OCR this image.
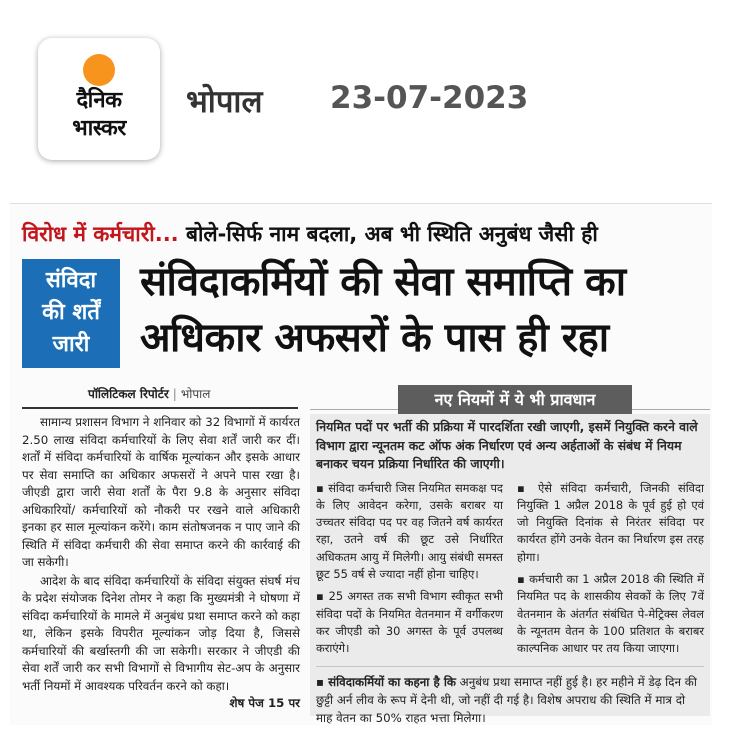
दैनिक
भास्कर
भोपाल 23-07-2023
विरोध में कर्मचारी... बोले-सिर्फ नाम बदला, अब भी स्थिति अनुबंध जैसी ही
संविदा
की शर्तें
जारी
संविदाकर्मियों की सेवा समाप्ति का अधिकार अफसरों के पास ही रहा
पॉलिटिकल रिपोर्टर | भोपाल

सामान्य प्रशासन विभाग ने शनिवार को 32 विभागों में कार्यरत 2.50 लाख संविदा कर्मचारियों के लिए सेवा शर्तें जारी कर दीं। शर्तों में संविदा कर्मचारियों के वार्षिक मूल्यांकन और इसके आधार पर सेवा समाप्ति का अधिकार अफसरों ने अपने पास रखा है। जीएडी द्वारा जारी सेवा शर्तों के पैरा 9.8 के अनुसार संविदा अधिकारियों/ कर्मचारियों को नौकरी पर रखने वाले अधिकारी इनका हर साल मूल्यांकन करेंगे। काम संतोषजनक न पाए जाने की स्थिति में संविदा कर्मचारी की सेवा समाप्त करने की कार्रवाई की जा सकेगी।

आदेश के बाद संविदा कर्मचारियों के संविदा संयुक्त संघर्ष मंच के प्रदेश संयोजक दिनेश तोमर ने कहा कि मुख्यमंत्री ने घोषणा में संविदा कर्मचारियों के मामले में अनुबंध प्रथा समाप्त करने को कहा था, लेकिन इसके विपरीत मूल्यांकन जोड़ दिया है, जिससे कर्मचारियों की बर्खास्तगी की जा सकेगी। सरकार ने जीएडी की सेवा शर्तें जारी कर सभी विभागों से विभागीय सेट-अप के अनुसार भर्ती नियमों में आवश्यक परिवर्तन करने को कहा।
शेष पेज 15 पर

नए नियमों में ये भी प्रावधान
नियमित पदों पर भर्ती की प्रक्रिया में पारदर्शिता रखी जाएगी, इसमें नियुक्ति करने वाले विभाग द्वारा न्यूनतम कट ऑफ अंक निर्धारण एवं अन्य अर्हताओं के संबंध में नियम बनाकर चयन प्रक्रिया निर्धारित की जाएगी।

▪ संविदा कर्मचारी जिस नियमित समकक्ष पद के लिए आवेदन करेगा, उसके बराबर या उच्चतर संविदा पद पर वह जितने वर्ष कार्यरत रहा, उतने वर्ष की छूट उसे निर्धारित अधिकतम आयु में मिलेगी। आयु संबंधी समस्त छूट 55 वर्ष से ज्यादा नहीं होना चाहिए।

▪ 25 अगस्त तक सभी विभाग स्वीकृत सभी संविदा पदों के नियमित वेतनमान में वर्गीकरण कर जीएडी को 30 अगस्त के पूर्व उपलब्ध कराएंगे।

▪ ऐसे संविदा कर्मचारी, जिनकी संविदा नियुक्ति 1 अप्रैल 2018 के पूर्व हुई हो एवं जो नियुक्ति दिनांक से निरंतर संविदा पर कार्यरत होंगे उनके वेतन का निर्धारण इस तरह होगा।

▪ कर्मचारी का 1 अप्रैल 2018 की स्थिति में नियमित पद के शासकीय सेवकों के लिए 7वें वेतनमान के अंतर्गत संबंधित पे-मेट्रिक्स लेवल के न्यूनतम वेतन के 100 प्रतिशत के बराबर काल्पनिक आधार पर तय किया जाएगा।

▪ संविदाकर्मियों का कहना है कि अनुबंध प्रथा समाप्त नहीं हुई है। हर महीने में डेढ़ दिन की छुट्टी अर्न लीव के रूप में देनी थी, जो नहीं दी गई है। विशेष अपराध की स्थिति में मात्र दो माह वेतन का 50% राहत भत्ता मिलेगा।
